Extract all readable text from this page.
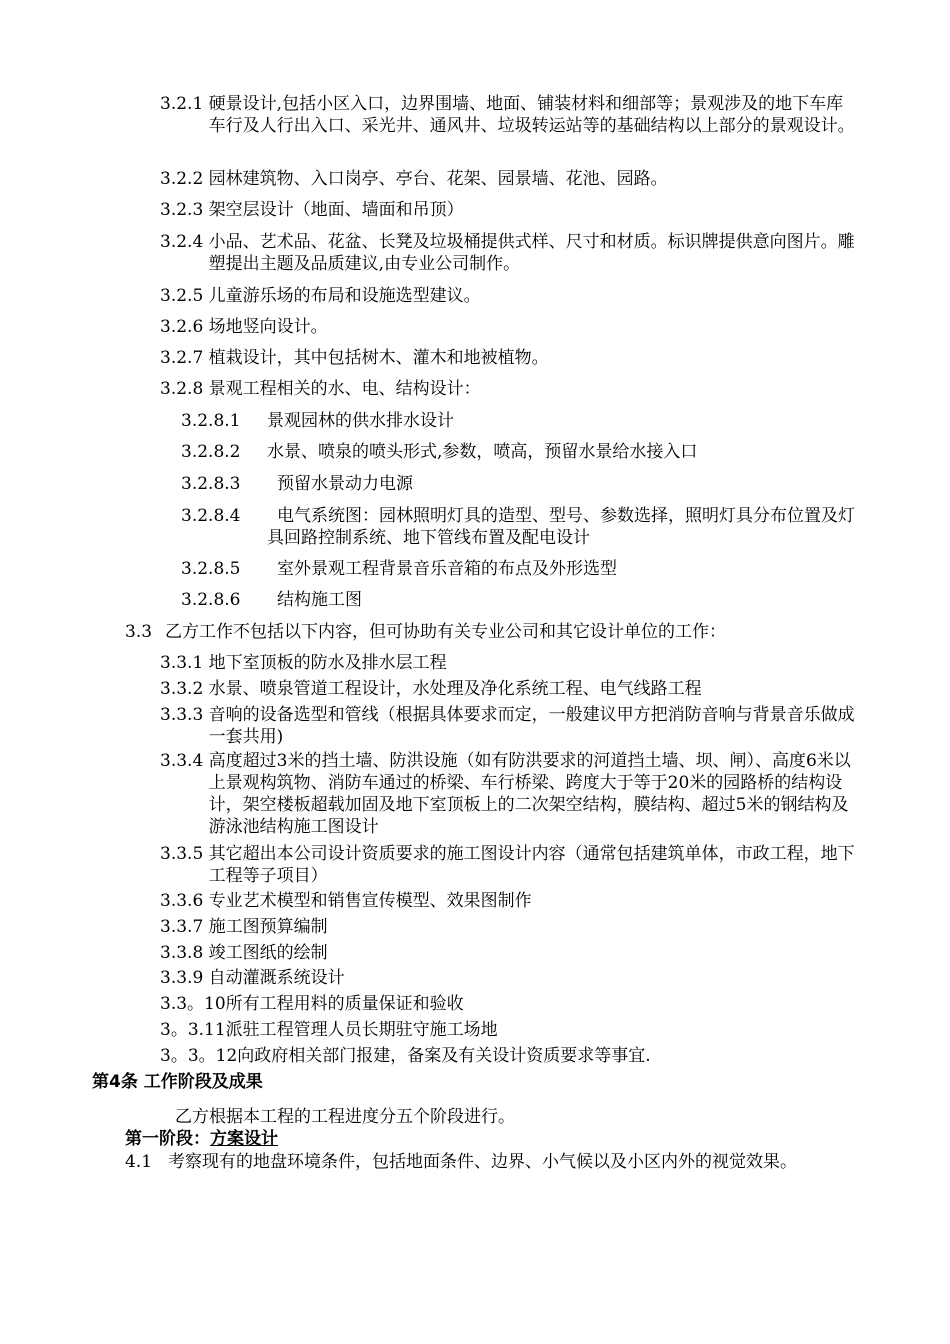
3.2.1 硬景设计,包括小区入口，边界围墙、地面、铺装材料和细部等；景观涉及的地下车库车行及人行出入口、采光井、通风井、垃圾转运站等的基础结构以上部分的景观设计。
3.2.2 园林建筑物、入口岗亭、亭台、花架、园景墙、花池、园路。
3.2.3 架空层设计（地面、墙面和吊顶）
3.2.4 小品、艺术品、花盆、长凳及垃圾桶提供式样、尺寸和材质。标识牌提供意向图片。雕塑提出主题及品质建议,由专业公司制作。
3.2.5 儿童游乐场的布局和设施选型建议。
3.2.6 场地竖向设计。
3.2.7 植栽设计，其中包括树木、灌木和地被植物。
3.2.8 景观工程相关的水、电、结构设计：
3.2.8.1	景观园林的供水排水设计
3.2.8.2	水景、喷泉的喷头形式,参数，喷高，预留水景给水接入口
3.2.8.3	预留水景动力电源
3.2.8.4	电气系统图：园林照明灯具的造型、型号、参数选择，照明灯具分布位置及灯具回路控制系统、地下管线布置及配电设计
3.2.8.5	室外景观工程背景音乐音箱的布点及外形选型
3.2.8.6	结构施工图
3.3 乙方工作不包括以下内容，但可协助有关专业公司和其它设计单位的工作：
3.3.1 地下室顶板的防水及排水层工程
3.3.2 水景、喷泉管道工程设计，水处理及净化系统工程、电气线路工程
3.3.3 音响的设备选型和管线（根据具体要求而定，一般建议甲方把消防音响与背景音乐做成一套共用)
3.3.4 高度超过3米的挡土墙、防洪设施（如有防洪要求的河道挡土墙、坝、闸）、高度6米以上景观构筑物、消防车通过的桥梁、车行桥梁、跨度大于等于20米的园路桥的结构设计，架空楼板超载加固及地下室顶板上的二次架空结构，膜结构、超过5米的钢结构及游泳池结构施工图设计
3.3.5 其它超出本公司设计资质要求的施工图设计内容（通常包括建筑单体，市政工程，地下工程等子项目）
3.3.6 专业艺术模型和销售宣传模型、效果图制作
3.3.7 施工图预算编制
3.3.8 竣工图纸的绘制
3.3.9 自动灌溉系统设计
3.3。 10所有工程用料的质量保证和验收
3。3. 11派驻工程管理人员长期驻守施工场地
3。3。 12向政府相关部门报建，备案及有关设计资质要求等事宜.
第4条 工作阶段及成果
乙方根据本工程的工程进度分五个阶段进行。
第一阶段：方案设计
4.1 考察现有的地盘环境条件，包括地面条件、边界、小气候以及小区内外的视觉效果。
